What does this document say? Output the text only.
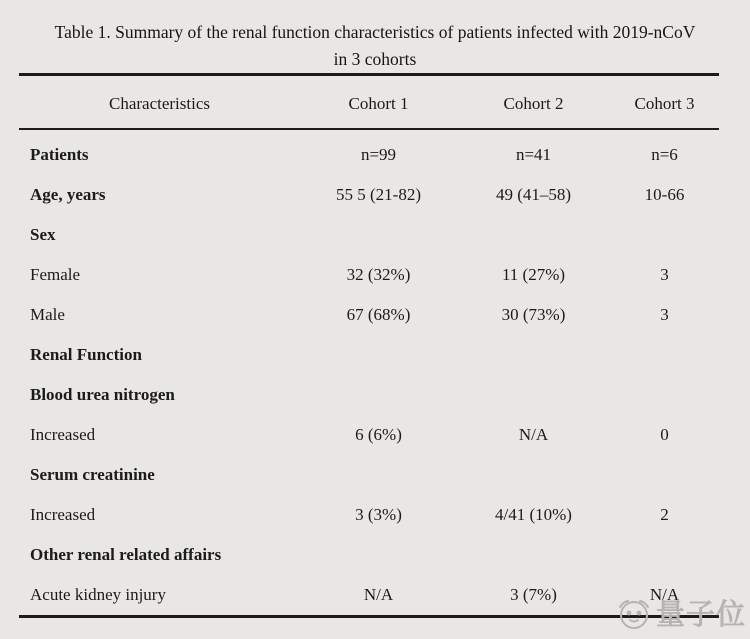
Table 1. Summary of the renal function characteristics of patients infected with 2019-nCoV
in 3 cohorts
Characteristics	Cohort 1	Cohort 2	Cohort 3
Patients	n=99	n=41	n=6
Age, years	55 5 (21-82)	49 (41–58)	10-66
Sex
Female	32 (32%)	11 (27%)	3
Male	67 (68%)	30 (73%)	3
Renal Function
Blood urea nitrogen
Increased	6 (6%)	N/A	0
Serum creatinine
Increased	3 (3%)	4/41 (10%)	2
Other renal related affairs
Acute kidney injury	N/A	3 (7%)	N/A
量子位
